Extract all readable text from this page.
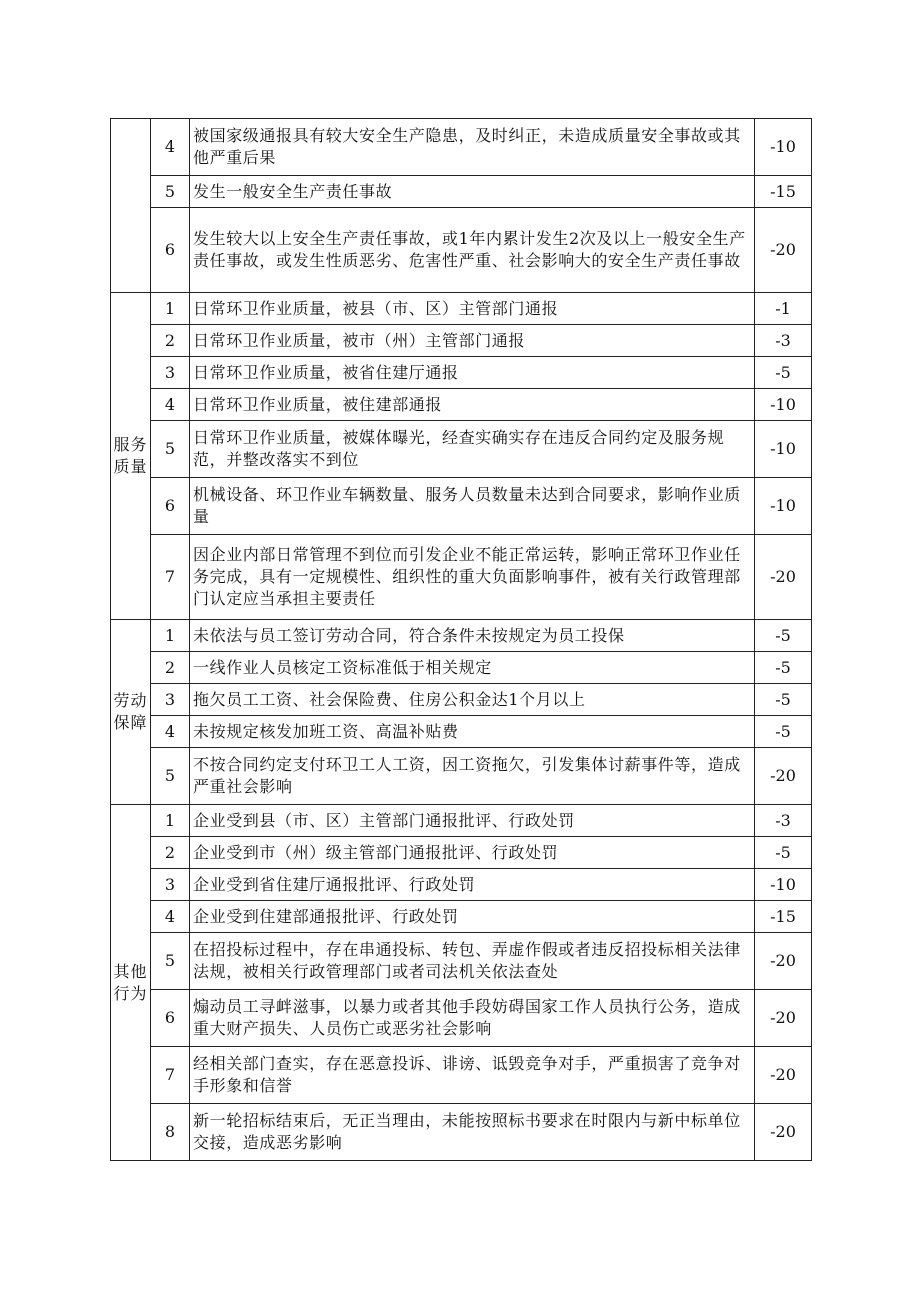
	4	被国家级通报具有较大安全生产隐患，及时纠正，未造成质量安全事故或其他严重后果	-10
	5	发生一般安全生产责任事故	-15
	6	发生较大以上安全生产责任事故，或1年内累计发生2次及以上一般安全生产责任事故，或发生性质恶劣、危害性严重、社会影响大的安全生产责任事故	-20
服务质量	1	日常环卫作业质量，被县（市、区）主管部门通报	-1
	2	日常环卫作业质量，被市（州）主管部门通报	-3
	3	日常环卫作业质量，被省住建厅通报	-5
	4	日常环卫作业质量，被住建部通报	-10
	5	日常环卫作业质量，被媒体曝光，经查实确实存在违反合同约定及服务规范，并整改落实不到位	-10
	6	机械设备、环卫作业车辆数量、服务人员数量未达到合同要求，影响作业质量	-10
	7	因企业内部日常管理不到位而引发企业不能正常运转，影响正常环卫作业任务完成，具有一定规模性、组织性的重大负面影响事件，被有关行政管理部门认定应当承担主要责任	-20
劳动保障	1	未依法与员工签订劳动合同，符合条件未按规定为员工投保	-5
	2	一线作业人员核定工资标准低于相关规定	-5
	3	拖欠员工工资、社会保险费、住房公积金达1个月以上	-5
	4	未按规定核发加班工资、高温补贴费	-5
	5	不按合同约定支付环卫工人工资，因工资拖欠，引发集体讨薪事件等，造成严重社会影响	-20
其他行为	1	企业受到县（市、区）主管部门通报批评、行政处罚	-3
	2	企业受到市（州）级主管部门通报批评、行政处罚	-5
	3	企业受到省住建厅通报批评、行政处罚	-10
	4	企业受到住建部通报批评、行政处罚	-15
	5	在招投标过程中，存在串通投标、转包、弄虚作假或者违反招投标相关法律法规，被相关行政管理部门或者司法机关依法查处	-20
	6	煽动员工寻衅滋事，以暴力或者其他手段妨碍国家工作人员执行公务，造成重大财产损失、人员伤亡或恶劣社会影响	-20
	7	经相关部门查实，存在恶意投诉、诽谤、诋毁竞争对手，严重损害了竞争对手形象和信誉	-20
	8	新一轮招标结束后，无正当理由，未能按照标书要求在时限内与新中标单位交接，造成恶劣影响	-20
